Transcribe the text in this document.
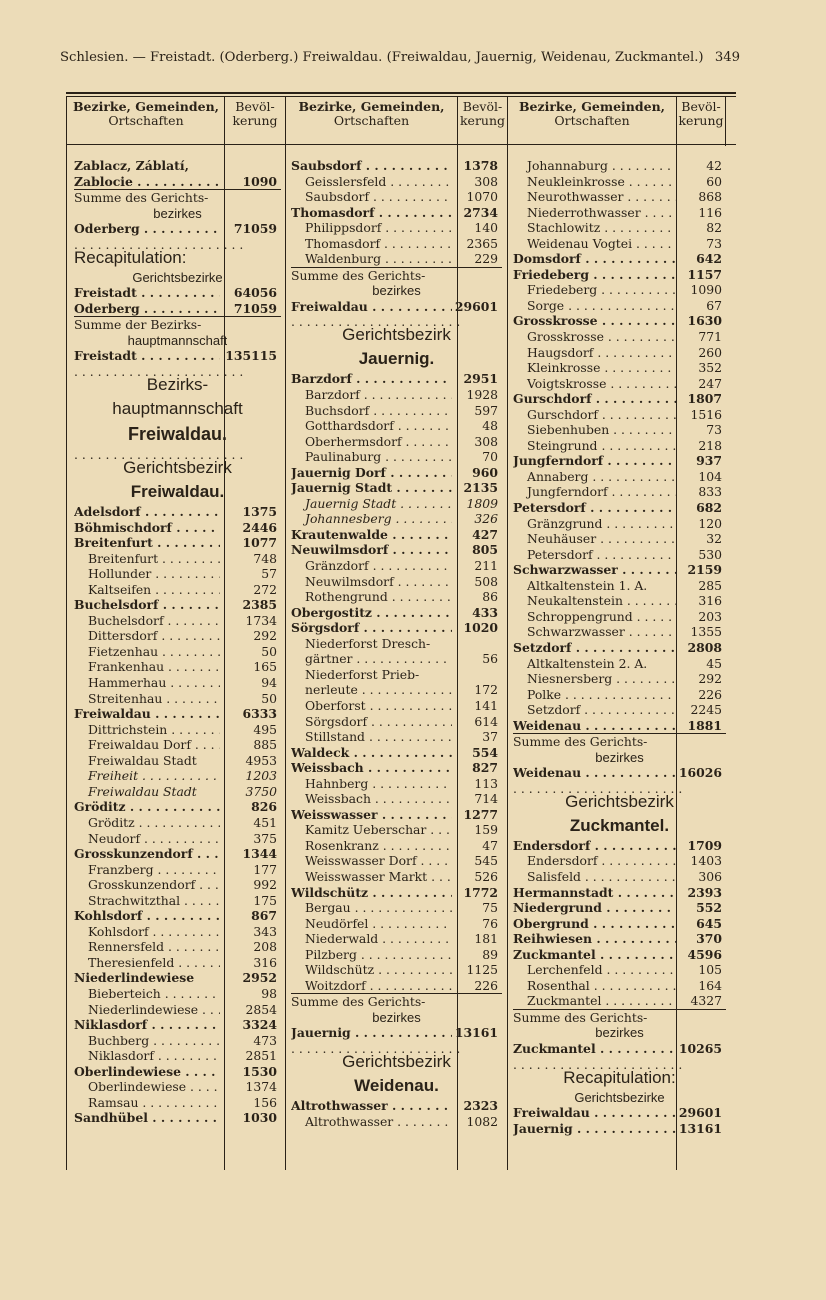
Schlesien. — Freistadt. (Oderberg.) Freiwaldau. (Freiwaldau, Jauernig, Weidenau, Zuckmantel.) 349
Bezirke, Gemeinden,
Ortschaften
Bevöl-
kerung
Bezirke, Gemeinden,
Ortschaften
Bevöl-
kerung
Bezirke, Gemeinden,
Ortschaften
Bevöl-
kerung
Zablacz, Záblatí,
Zablocie . . .	1090
Summe des Gerichts-
bezirkes
Oderberg . . .	71059
. . .
Recapitulation:
Gerichtsbezirke
Freistadt . . .	64056
Oderberg . . .	71059
Summe der Bezirks-
hauptmannschaft
Freistadt . . .	135115
. . .
Bezirks-
hauptmannschaft
Freiwaldau.
. . .
Gerichtsbezirk
Freiwaldau.
Adelsdorf . . .	1375
Böhmischdorf . . .	2446
Breitenfurt . . .	1077
Breitenfurt . . .	748
Hollunder . . .	57
Kaltseifen . . .	272
Buchelsdorf . . .	2385
Buchelsdorf . . .	1734
Dittersdorf . . .	292
Fietzenhau . . .	50
Frankenhau . . .	165
Hammerhau . . .	94
Streitenhau . . .	50
Freiwaldau . . .	6333
Dittrichstein . . .	495
Freiwaldau Dorf . . .	885
Freiwaldau Stadt	4953
Freiheit . . .	1203
Freiwaldau Stadt	3750
Gröditz . . .	826
Gröditz . . .	451
Neudorf . . .	375
Grosskunzendorf . . .	1344
Franzberg . . .	177
Grosskunzendorf . . .	992
Strachwitzthal . . .	175
Kohlsdorf . . .	867
Kohlsdorf . . .	343
Rennersfeld . . .	208
Theresienfeld . . .	316
Niederlindewiese	2952
Bieberteich . . .	98
Niederlindewiese . . .	2854
Niklasdorf . . .	3324
Buchberg . . .	473
Niklasdorf . . .	2851
Oberlindewiese . . .	1530
Oberlindewiese . . .	1374
Ramsau . . .	156
Sandhübel . . .	1030
Saubsdorf . . .	1378
Geisslersfeld . . .	308
Saubsdorf . . .	1070
Thomasdorf . . .	2734
Philippsdorf . . .	140
Thomasdorf . . .	2365
Waldenburg . . .	229
Summe des Gerichts-
bezirkes
Freiwaldau . . .	29601
. . .
Gerichtsbezirk
Jauernig.
Barzdorf . . .	2951
Barzdorf . . .	1928
Buchsdorf . . .	597
Gotthardsdorf . . .	48
Oberhermsdorf . . .	308
Paulinaburg . . .	70
Jauernig Dorf . . .	960
Jauernig Stadt . . .	2135
Jauernig Stadt . . .	1809
Johannesberg . . .	326
Krautenwalde . . .	427
Neuwilmsdorf . . .	805
Gränzdorf . . .	211
Neuwilmsdorf . . .	508
Rothengrund . . .	86
Obergostitz . . .	433
Sörgsdorf . . .	1020
Niederforst Dresch-
gärtner . . .	56
Niederforst Prieb-
nerleute . . .	172
Oberforst . . .	141
Sörgsdorf . . .	614
Stillstand . . .	37
Waldeck . . .	554
Weissbach . . .	827
Hahnberg . . .	113
Weissbach . . .	714
Weisswasser . . .	1277
Kamitz Ueberschar . . .	159
Rosenkranz . . .	47
Weisswasser Dorf . . .	545
Weisswasser Markt . . .	526
Wildschütz . . .	1772
Bergau . . .	75
Neudörfel . . .	76
Niederwald . . .	181
Pilzberg . . .	89
Wildschütz . . .	1125
Woitzdorf . . .	226
Summe des Gerichts-
bezirkes
Jauernig . . .	13161
. . .
Gerichtsbezirk
Weidenau.
Altrothwasser . . .	2323
Altrothwasser . . .	1082
Johannaburg . . .	42
Neukleinkrosse . . .	60
Neurothwasser . . .	868
Niederrothwasser . . .	116
Stachlowitz . . .	82
Weidenau Vogtei . . .	73
Domsdorf . . .	642
Friedeberg . . .	1157
Friedeberg . . .	1090
Sorge . . .	67
Grosskrosse . . .	1630
Grosskrosse . . .	771
Haugsdorf . . .	260
Kleinkrosse . . .	352
Voigtskrosse . . .	247
Gurschdorf . . .	1807
Gurschdorf . . .	1516
Siebenhuben . . .	73
Steingrund . . .	218
Jungferndorf . . .	937
Annaberg . . .	104
Jungferndorf . . .	833
Petersdorf . . .	682
Gränzgrund . . .	120
Neuhäuser . . .	32
Petersdorf . . .	530
Schwarzwasser . . .	2159
Altkaltenstein 1. A.	285
Neukaltenstein . . .	316
Schroppengrund . . .	203
Schwarzwasser . . .	1355
Setzdorf . . .	2808
Altkaltenstein 2. A.	45
Niesnersberg . . .	292
Polke . . .	226
Setzdorf . . .	2245
Weidenau . . .	1881
Summe des Gerichts-
bezirkes
Weidenau . . .	16026
. . .
Gerichtsbezirk
Zuckmantel.
Endersdorf . . .	1709
Endersdorf . . .	1403
Salisfeld . . .	306
Hermannstadt . . .	2393
Niedergrund . . .	552
Obergrund . . .	645
Reihwiesen . . .	370
Zuckmantel . . .	4596
Lerchenfeld . . .	105
Rosenthal . . .	164
Zuckmantel . . .	4327
Summe des Gerichts-
bezirkes
Zuckmantel . . .	10265
. . .
Recapitulation:
Gerichtsbezirke
Freiwaldau . . .	29601
Jauernig . . .	13161
